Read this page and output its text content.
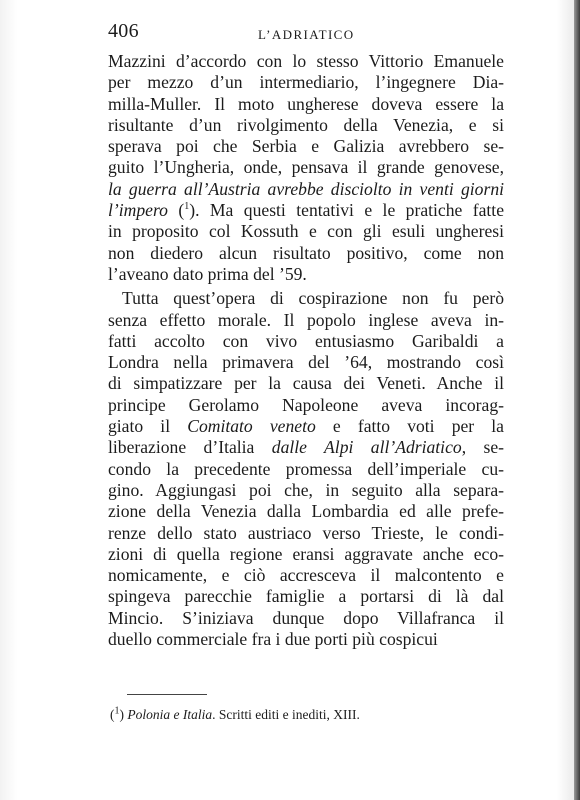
406	L’ADRIATICO
Mazzini d’accordo con lo stesso Vittorio Emanuele
per mezzo d’un intermediario, l’ingegnere Dia-
milla-Muller. Il moto ungherese doveva essere la
risultante d’un rivolgimento della Venezia, e si
sperava poi che Serbia e Galizia avrebbero se-
guito l’Ungheria, onde, pensava il grande genovese,
la guerra all’Austria avrebbe disciolto in venti giorni
l’impero ($^1$). Ma questi tentativi e le pratiche fatte
in proposito col Kossuth e con gli esuli ungheresi
non diedero alcun risultato positivo, come non
l’aveano dato prima del ’59.
Tutta quest’opera di cospirazione non fu però
senza effetto morale. Il popolo inglese aveva in-
fatti accolto con vivo entusiasmo Garibaldi a
Londra nella primavera del ’64, mostrando così
di simpatizzare per la causa dei Veneti. Anche il
principe Gerolamo Napoleone aveva incorag-
giato il Comitato veneto e fatto voti per la
liberazione d’Italia dalle Alpi all’Adriatico, se-
condo la precedente promessa dell’imperiale cu-
gino. Aggiungasi poi che, in seguito alla separa-
zione della Venezia dalla Lombardia ed alle prefe-
renze dello stato austriaco verso Trieste, le condi-
zioni di quella regione eransi aggravate anche eco-
nomicamente, e ciò accresceva il malcontento e
spingeva parecchie famiglie a portarsi di là dal
Mincio. S’iniziava dunque dopo Villafranca il
duello commerciale fra i due porti più cospicui
($^1$) Polonia e Italia. Scritti editi e inediti, XIII.
